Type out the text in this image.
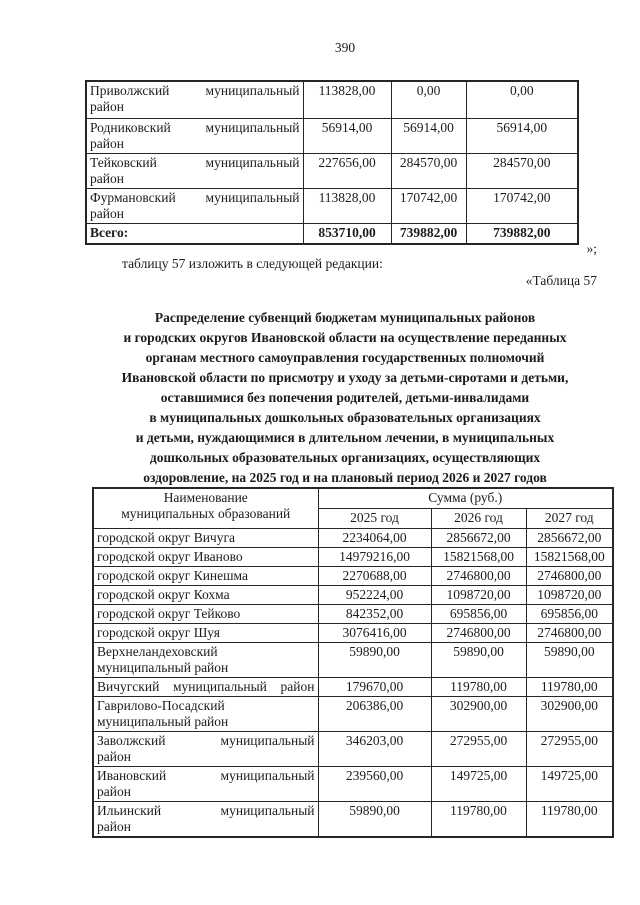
390
Приволжский муниципальный
район	113828,00	0,00	0,00

Родниковский муниципальный
район	56914,00	56914,00	56914,00

Тейковский муниципальный
район	227656,00	284570,00	284570,00

Фурмановский муниципальный
район	113828,00	170742,00	170742,00

Всего:	853710,00	739882,00	739882,00
»;
таблицу 57 изложить в следующей редакции:
«Таблица 57
Распределение субвенций бюджетам муниципальных районов
и городских округов Ивановской области на осуществление переданных
органам местного самоуправления государственных полномочий
Ивановской области по присмотру и уходу за детьми-сиротами и детьми,
оставшимися без попечения родителей, детьми-инвалидами
в муниципальных дошкольных образовательных организациях
и детьми, нуждающимися в длительном лечении, в муниципальных
дошкольных образовательных организациях, осуществляющих
оздоровление, на 2025 год и на плановый период 2026 и 2027 годов
Наименование
муниципальных образований	Сумма (руб.)		
	2025 год	2026 год	2027 год

городской округ Вичуга	2234064,00	2856672,00	2856672,00

городской округ Иваново	14979216,00	15821568,00	15821568,00

городской округ Кинешма	2270688,00	2746800,00	2746800,00

городской округ Кохма	952224,00	1098720,00	1098720,00

городской округ Тейково	842352,00	695856,00	695856,00

городской округ Шуя	3076416,00	2746800,00	2746800,00

Верхнеландеховский
муниципальный район	59890,00	59890,00	59890,00

Вичугский муниципальный район	179670,00	119780,00	119780,00

Гаврилово-Посадский
муниципальный район	206386,00	302900,00	302900,00

Заволжский муниципальный
район	346203,00	272955,00	272955,00

Ивановский муниципальный
район	239560,00	149725,00	149725,00

Ильинский муниципальный
район	59890,00	119780,00	119780,00
